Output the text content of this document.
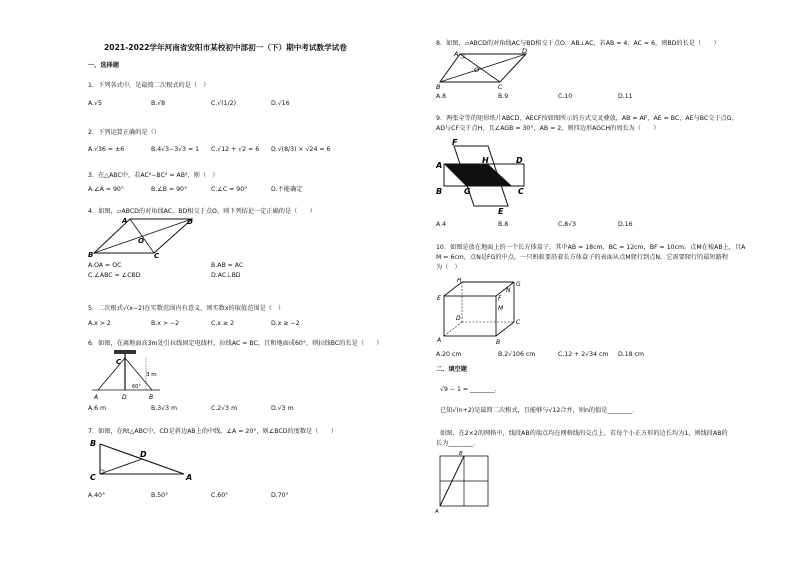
2021-2022学年河南省安阳市某校初中部初一（下）期中考试数学试卷
一、选择题
1．下列各式中，是最简二次根式的是（　）
A.√5	B.√8	C.√(1/2)	D.√16
2．下列运算正确的是（）
A.√36 = ±6	B.4√3−3√3 = 1 C.√12 + √2 = 6 D.√(8/3) × √24 = 6
3．在△ABC中，若AC²−BC² = AB²，则（　）
A.∠A = 90°	B.∠B = 90°	C.∠C = 90°	D.不能确定
4．如图，▱ABCD的对角线AC，BD相交于点O，则下列结论一定正确的是（　　）
A
B	C
D
O
A.OA = OC	B.AB = AC
C.∠ABC = ∠CBD	D.AC⊥BD
5．二次根式√(x−2)在实数范围内有意义，则实数x的取值范围是（　）
A.x > 2	B.x > −2	C.x ≥ 2	D.x ≥ −2
6．如图，在离地面高3m处引拉线固定电线杆，拉线AC = BC，且和地面成60°，则拉线BC的长是（　　）
C
A	D	B
3 m
60°
A.6 m	B.3√3 m	C.2√3 m	D.√3 m
7．如图，在Rt△ABC中，CD是斜边AB上的中线，∠A = 20°，则∠BCD的度数是（　　）
B
C
D
A
A.40°	B.50°	C.60°	D.70°
8．如图，▱ABCD的对角线AC与BD相交于点O，AB⊥AC，若AB = 4，AC = 6，则BD的长是（　　）
A
B	C
D
O
A.8	B.9	C.10	D.11
9．两张全等的矩形纸片ABCD，AECF按如图所示的方式交叉叠放，AB = AF，AE = BC，AE与BC交于点G，
AD与CF交于点H，且∠AGB = 30°，AB = 2，则四边形AGCH的周长为（　　）
F
H
A
D
B	G	C
E
A.4	B.8	C.8√3	D.16
10．如图是放在地面上的一个长方体盒子，其中AB = 18cm，BC = 12cm，BF = 10cm，点M在棱AB上，且A
M = 6cm，点N是FG的中点，一只蚂蚁要沿着长方体盒子的表面从点M爬行到点N，它需要爬行的最短路程
为（　）
H
G
E	F
N
M
D
C
A	B
A.20 cm	B.2√106 cm	C.12 + 2√34 cm D.18 cm
二、填空题
√9 − 1 = ________.
已知√(n+2)是最简二次根式，且能够与√12合并，则n的值是________.
如图，在2×2的网格中，线段AB的端点均在网格线的交点上，若每个小正方形的边长均为1，则线段AB的
长为________.
B
A
